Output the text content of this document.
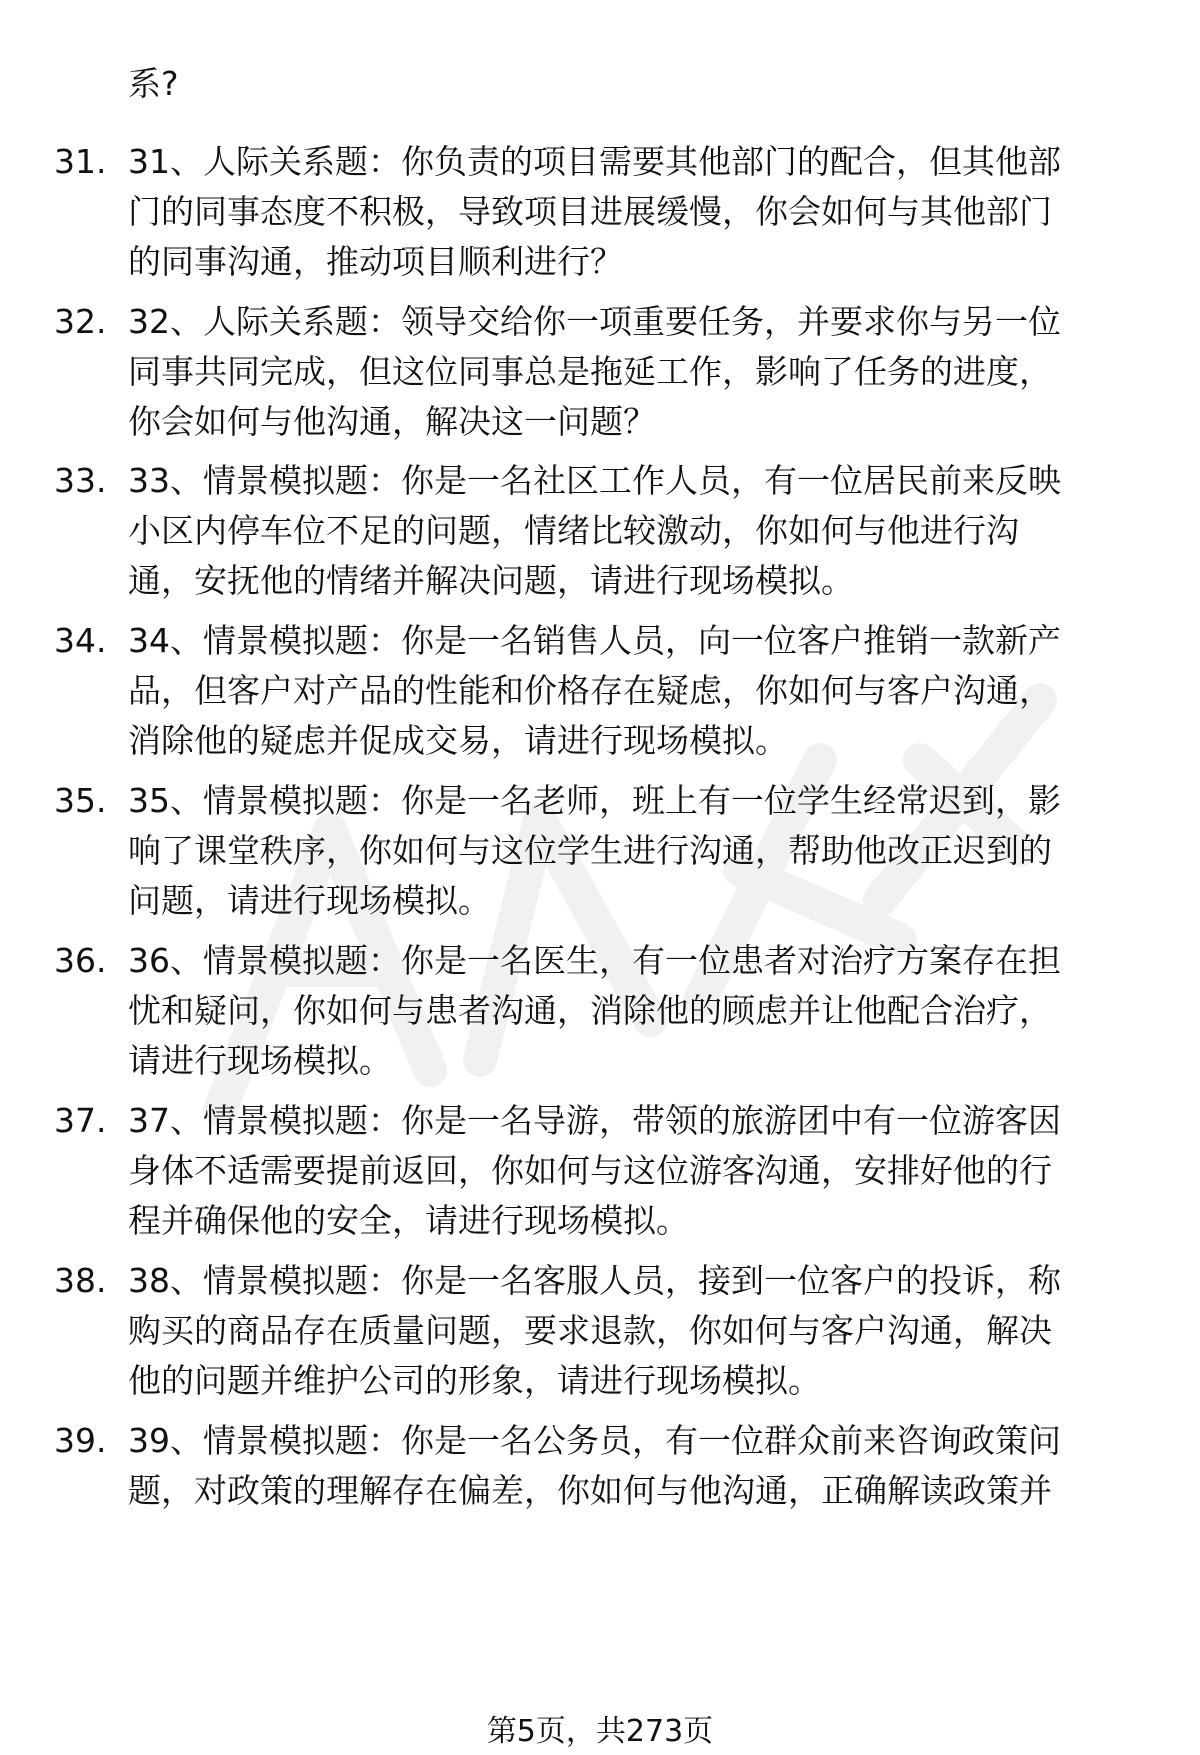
系?
31. 31、人际关系题：你负责的项目需要其他部门的配合，但其他部
门的同事态度不积极，导致项目进展缓慢，你会如何与其他部门
的同事沟通，推动项目顺利进行？
32. 32、人际关系题：领导交给你一项重要任务，并要求你与另一位
同事共同完成，但这位同事总是拖延工作，影响了任务的进度，
你会如何与他沟通，解决这一问题？
33. 33、情景模拟题：你是一名社区工作人员，有一位居民前来反映
小区内停车位不足的问题，情绪比较激动，你如何与他进行沟
通，安抚他的情绪并解决问题，请进行现场模拟。
34. 34、情景模拟题：你是一名销售人员，向一位客户推销一款新产
品，但客户对产品的性能和价格存在疑虑，你如何与客户沟通，
消除他的疑虑并促成交易，请进行现场模拟。
35. 35、情景模拟题：你是一名老师，班上有一位学生经常迟到，影
响了课堂秩序，你如何与这位学生进行沟通，帮助他改正迟到的
问题，请进行现场模拟。
36. 36、情景模拟题：你是一名医生，有一位患者对治疗方案存在担
忧和疑问，你如何与患者沟通，消除他的顾虑并让他配合治疗，
请进行现场模拟。
37. 37、情景模拟题：你是一名导游，带领的旅游团中有一位游客因
身体不适需要提前返回，你如何与这位游客沟通，安排好他的行
程并确保他的安全，请进行现场模拟。
38. 38、情景模拟题：你是一名客服人员，接到一位客户的投诉，称
购买的商品存在质量问题，要求退款，你如何与客户沟通，解决
他的问题并维护公司的形象，请进行现场模拟。
39. 39、情景模拟题：你是一名公务员，有一位群众前来咨询政策问
题，对政策的理解存在偏差，你如何与他沟通，正确解读政策并
第5页，共273页
